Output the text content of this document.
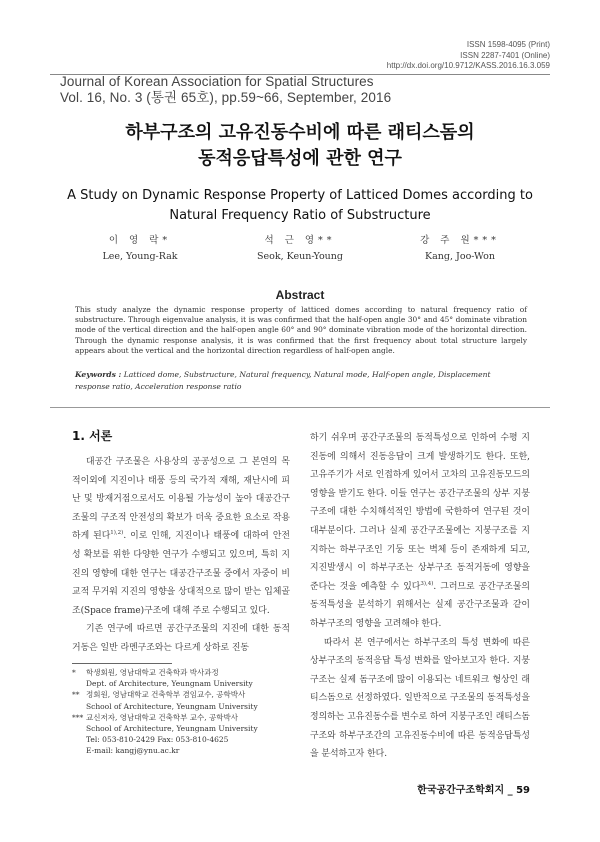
ISSN 1598-4095 (Print)
ISSN 2287-7401 (Online)
http://dx.doi.org/10.9712/KASS.2016.16.3.059
Journal of Korean Association for Spatial Structures
Vol. 16, No. 3 (통권 65호), pp.59~66, September, 2016
하부구조의 고유진동수비에 따른 래티스돔의
동적응답특성에 관한 연구
A Study on Dynamic Response Property of Latticed Domes according to
Natural Frequency Ratio of Substructure
이 영 락*
Lee, Young-Rak
석 근 영**
Seok, Keun-Young
강 주 원***
Kang, Joo-Won
Abstract
This study analyze the dynamic response property of latticed domes according to natural frequency ratio of substructure. Through eigenvalue analysis, it is was confirmed that the half-open angle 30° and 45° dominate vibration mode of the vertical direction and the half-open angle 60° and 90° dominate vibration mode of the horizontal direction. Through the dynamic response analysis, it is was confirmed that the first frequency about total structure largely appears about the vertical and the horizontal direction regardless of half-open angle.
Keywords : Latticed dome, Substructure, Natural frequency, Natural mode, Half-open angle, Displacement response ratio, Acceleration response ratio
1. 서론

대공간 구조물은 사용상의 공공성으로 그 본연의 목적이외에 지진이나 태풍 등의 국가적 재해, 재난시에 피난 및 방재거점으로서도 이용될 가능성이 높아 대공간구조물의 구조적 안전성의 확보가 더욱 중요한 요소로 작용하게 된다$^{1),2)}$. 이로 인해, 지진이나 태풍에 대하여 안전성 확보를 위한 다양한 연구가 수행되고 있으며, 특히 지진의 영향에 대한 연구는 대공간구조물 중에서 자중이 비교적 무거워 지진의 영향을 상대적으로 많이 받는 입체골조(Space frame)구조에 대해 주로 수행되고 있다.

기존 연구에 따르면 공간구조물의 지진에 대한 동적거동은 일반 라멘구조와는 다르게 상하로 진동

하기 쉬우며 공간구조물의 동적특성으로 인하여 수평 지진동에 의해서 진동응답이 크게 발생하기도 한다. 또한, 고유주기가 서로 인접하게 있어서 고차의 고유진동모드의 영향을 받기도 한다. 이들 연구는 공간구조물의 상부 지붕구조에 대한 수치해석적인 방법에 국한하여 연구된 것이 대부분이다. 그러나 실제 공간구조물에는 지붕구조를 지지하는 하부구조인 기둥 또는 벽체 등이 존재하게 되고, 지진발생시 이 하부구조는 상부구조 동적거동에 영향을 준다는 것을 예측할 수 있다$^{3),4)}$. 그러므로 공간구조물의 동적특성을 분석하기 위해서는 실제 공간구조물과 같이 하부구조의 영향을 고려해야 한다.

따라서 본 연구에서는 하부구조의 특성 변화에 따른 상부구조의 동적응답 특성 변화를 알아보고자 한다. 지붕구조는 실제 돔구조에 많이 이용되는 네트워크 형상인 래티스돔으로 선정하였다. 일반적으로 구조물의 동적특성을 정의하는 고유진동수를 변수로 하여 지붕구조인 래티스돔구조와 하부구조간의 고유진동수비에 따른 동적응답특성을 분석하고자 한다.

*	학생회원, 영남대학교 건축학과 박사과정
Dept. of Architecture, Yeungnam University
** 정회원, 영남대학교 건축학부 겸임교수, 공학박사
School of Architecture, Yeungnam University
*** 교신저자, 영남대학교 건축학부 교수, 공학박사
School of Architecture, Yeungnam University
Tel: 053-810-2429 Fax: 053-810-4625
E-mail: kangj@ynu.ac.kr
한국공간구조학회지 _ 59
